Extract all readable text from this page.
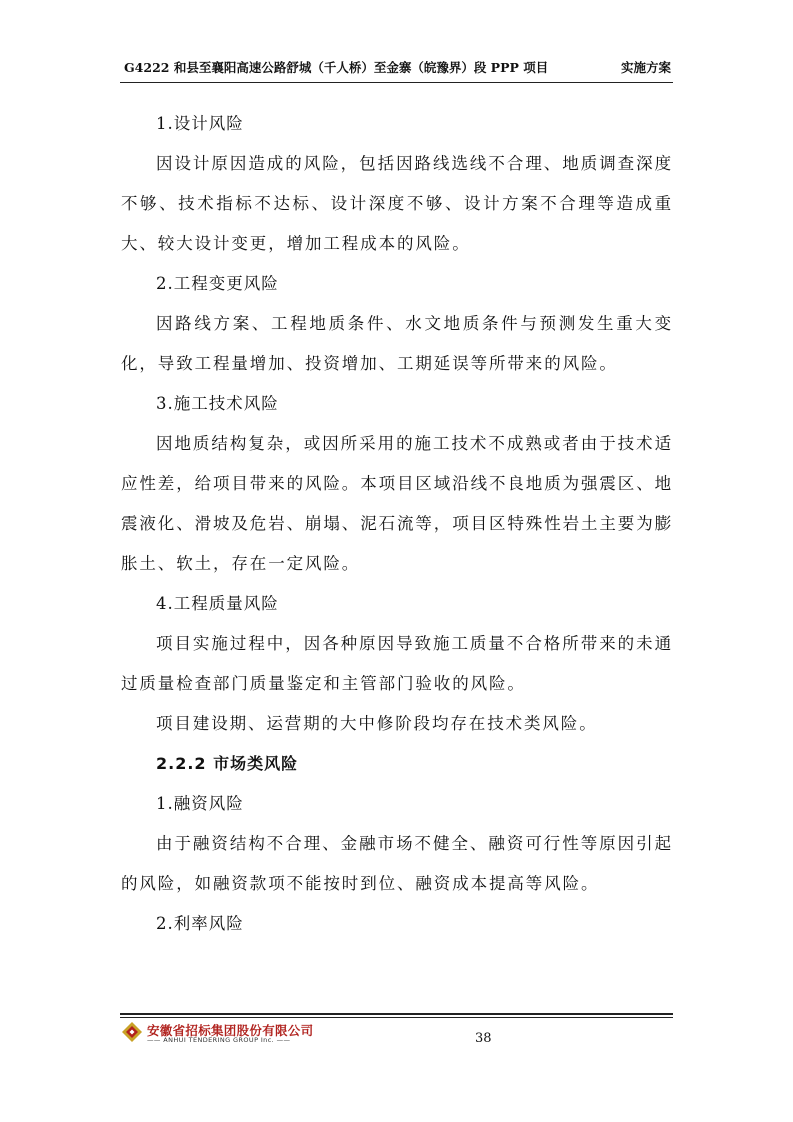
G4222 和县至襄阳高速公路舒城（千人桥）至金寨（皖豫界）段 PPP 项目	实施方案

1.设计风险

因设计原因造成的风险，包括因路线选线不合理、地质调查深度不够、技术指标不达标、设计深度不够、设计方案不合理等造成重大、较大设计变更，增加工程成本的风险。

2.工程变更风险

因路线方案、工程地质条件、水文地质条件与预测发生重大变化，导致工程量增加、投资增加、工期延误等所带来的风险。

3.施工技术风险

因地质结构复杂，或因所采用的施工技术不成熟或者由于技术适应性差，给项目带来的风险。本项目区域沿线不良地质为强震区、地震液化、滑坡及危岩、崩塌、泥石流等，项目区特殊性岩土主要为膨胀土、软土，存在一定风险。

4.工程质量风险

项目实施过程中，因各种原因导致施工质量不合格所带来的未通过质量检查部门质量鉴定和主管部门验收的风险。

项目建设期、运营期的大中修阶段均存在技术类风险。

2.2.2 市场类风险

1.融资风险

由于融资结构不合理、金融市场不健全、融资可行性等原因引起的风险，如融资款项不能按时到位、融资成本提高等风险。

2.利率风险

安徽省招标集团股份有限公司
—— ANHUI TENDERING GROUP Inc. ——	38
